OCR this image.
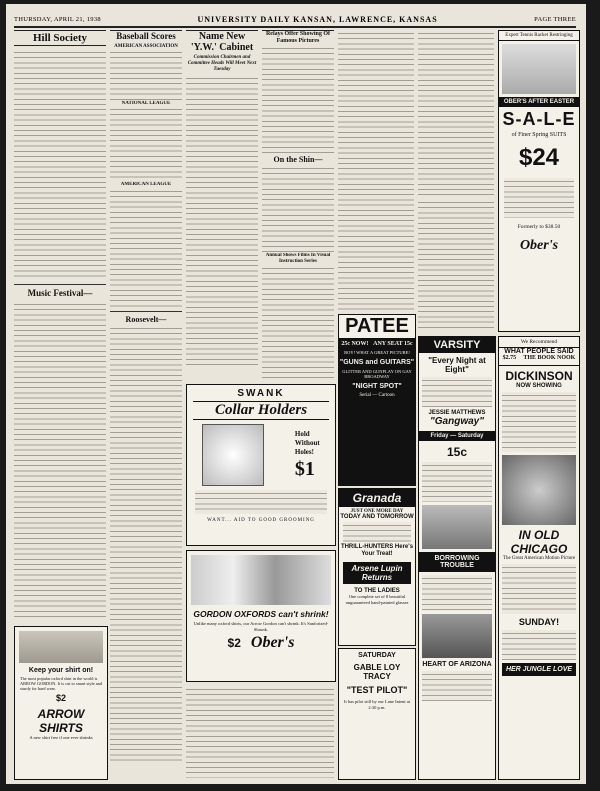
THURSDAY, APRIL 21, 1938	UNIVERSITY DAILY KANSAN, LAWRENCE, KANSAS	PAGE THREE
Hill Society
Music Festival—
Keep your shirt on!
The most popular oxford shirt in the world is ARROW GORDON. It is cut to smart style and sturdy for hard wear.
$2
ARROW SHIRTS
A new shirt free if one ever shrinks
Baseball Scores
AMERICAN ASSOCIATION
NATIONAL LEAGUE
AMERICAN LEAGUE
Roosevelt—
Name New 'Y.W.' Cabinet
Commission Chairmen and Committee Heads Will Meet Next Tuesday
Relays Offer Showing Of Famous Pictures
On the Shin—
Annual Shows Films In Visual Instruction Series
SWANK
Collar Holders
Hold
Without
Holes!
$1
WANT... AID TO GOOD GROOMING
GORDON OXFORDS can't shrink!
Unlike many oxford shirts, our Arrow Gordon can't shrink. It's Sanforized-Shrunk.
$2 Ober's
PATEE
25c NOW! ANY SEAT 15c
BOY! WHAT A GREAT PICTURE!
"GUNS and GUITARS"
GLITTER AND GUNPLAY ON GAY BROADWAY
"NIGHT SPOT"
Serial — Cartoon
Granada
JUST ONE MORE DAY
TODAY AND TOMORROW
THRILL-HUNTERS Here's Your Treat!
Arsene Lupin Returns
TO THE LADIES
One complete set of 8 beautiful unguaranteed hand-painted glasses
SATURDAY
GABLE LOY TRACY
"TEST PILOT"
It has pilot still by our Lane Intent at 2:30 p.m.
Expert Tennis Racket Restringing
OBER'S AFTER EASTER
S-A-L-E
of Finer Spring SUITS
$24
Formerly to $38.50
Ober's
VARSITY
"Every Night at Eight"
JESSIE MATTHEWS
"Gangway"
Friday — Saturday
15c
BORROWING TROUBLE
HEART OF ARIZONA
We Recommend
WHAT PEOPLE SAID
$2.75 THE BOOK NOOK
DICKINSON
NOW SHOWING
IN OLD CHICAGO
The Great American Motion Picture
SUNDAY!
HER JUNGLE LOVE
